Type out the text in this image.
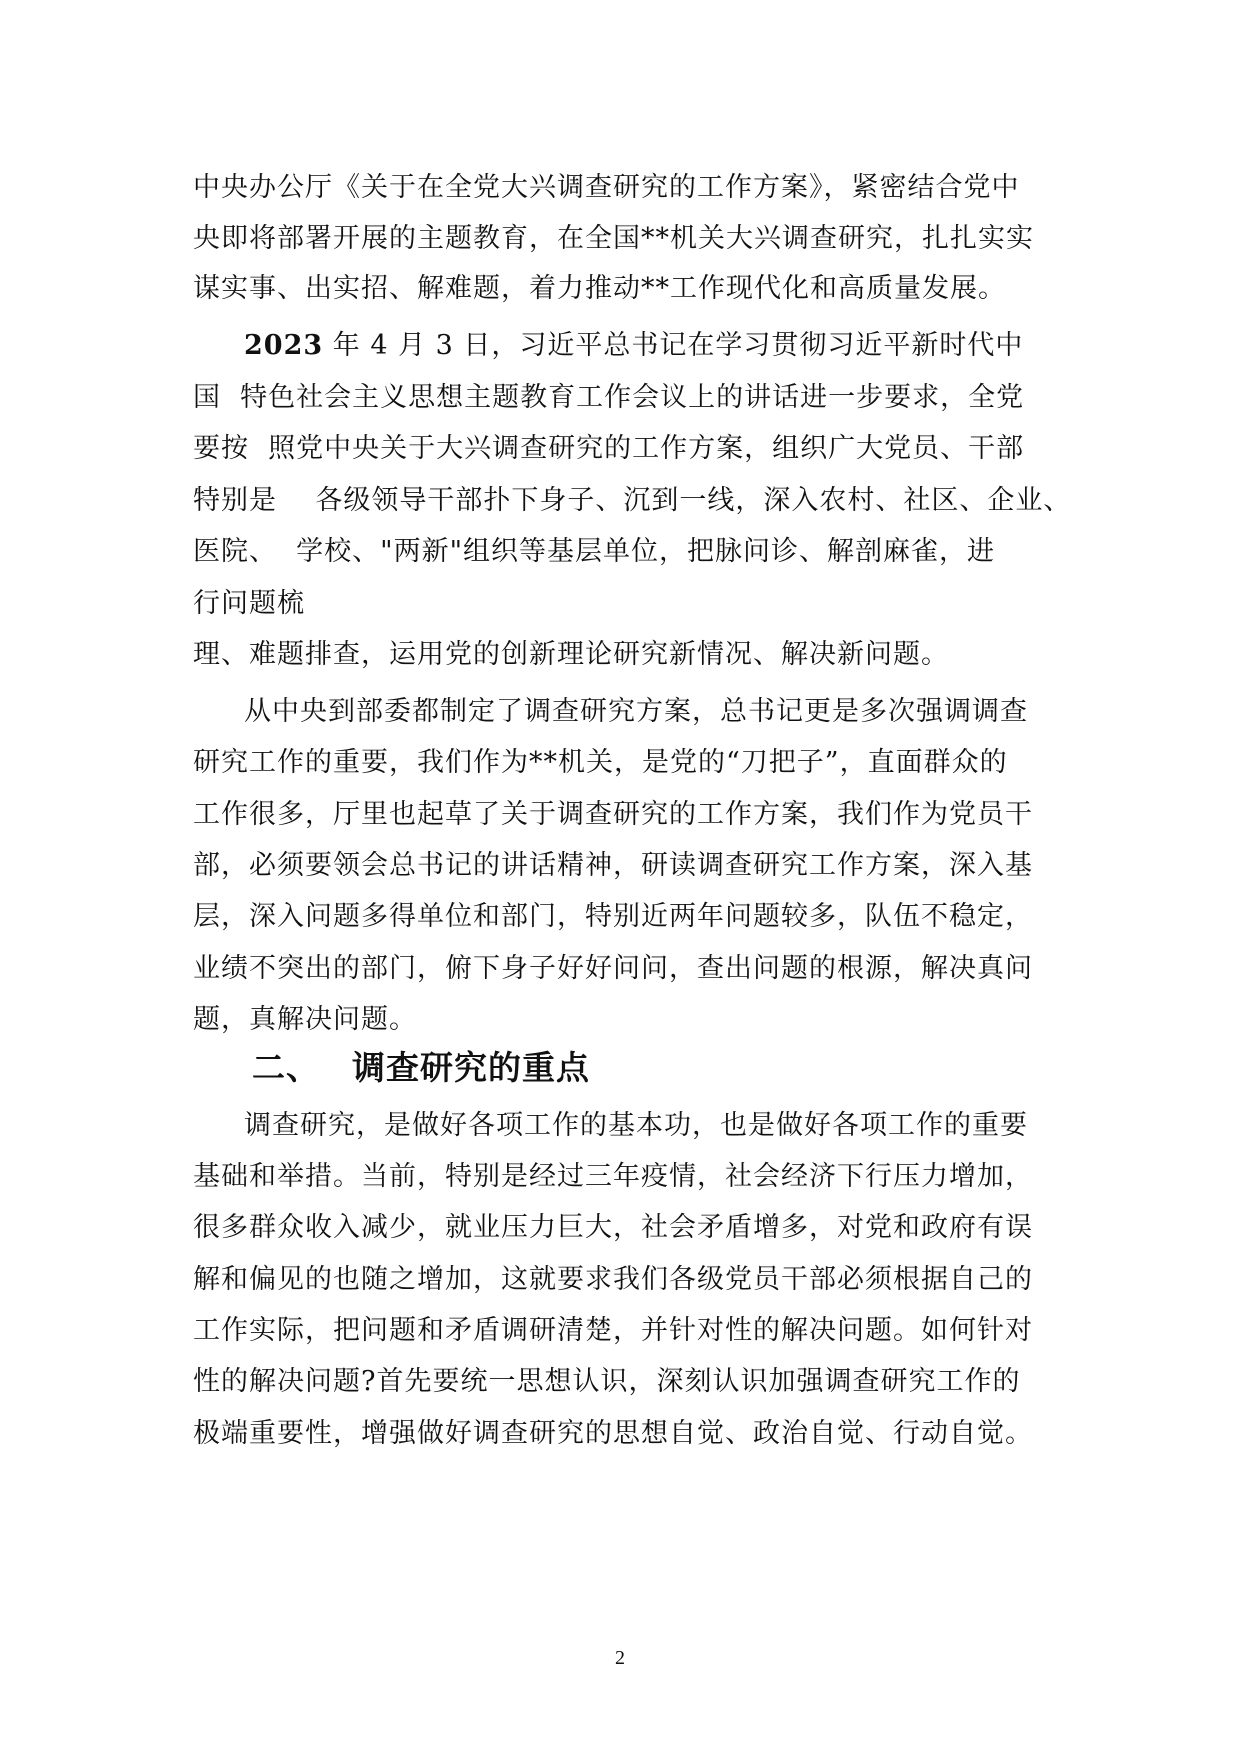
中央办公厅《关于在全党大兴调查研究的工作方案》，紧密结合党中
央即将部署开展的主题教育，在全国**机关大兴调查研究，扎扎实实
谋实事、出实招、解难题，着力推动**工作现代化和高质量发展。
2023 年 4 月 3 日，习近平总书记在学习贯彻习近平新时代中
国  特色社会主义思想主题教育工作会议上的讲话进一步要求，全党
要按  照党中央关于大兴调查研究的工作方案，组织广大党员、干部
特别是    各级领导干部扑下身子、沉到一线，深入农村、社区、企业、
医院、  学校、"两新"组织等基层单位，把脉问诊、解剖麻雀，进
行问题梳
理、难题排查，运用党的创新理论研究新情况、解决新问题。
从中央到部委都制定了调查研究方案，总书记更是多次强调调查
研究工作的重要，我们作为**机关，是党的“刀把子”，直面群众的
工作很多，厅里也起草了关于调查研究的工作方案，我们作为党员干
部，必须要领会总书记的讲话精神，研读调查研究工作方案，深入基
层，深入问题多得单位和部门，特别近两年问题较多，队伍不稳定，
业绩不突出的部门，俯下身子好好问问，查出问题的根源，解决真问
题，真解决问题。
二、 调查研究的重点
调查研究，是做好各项工作的基本功，也是做好各项工作的重要
基础和举措。当前，特别是经过三年疫情，社会经济下行压力增加，
很多群众收入减少，就业压力巨大，社会矛盾增多，对党和政府有误
解和偏见的也随之增加，这就要求我们各级党员干部必须根据自己的
工作实际，把问题和矛盾调研清楚，并针对性的解决问题。如何针对
性的解决问题?首先要统一思想认识，深刻认识加强调查研究工作的
极端重要性，增强做好调查研究的思想自觉、政治自觉、行动自觉。
2
